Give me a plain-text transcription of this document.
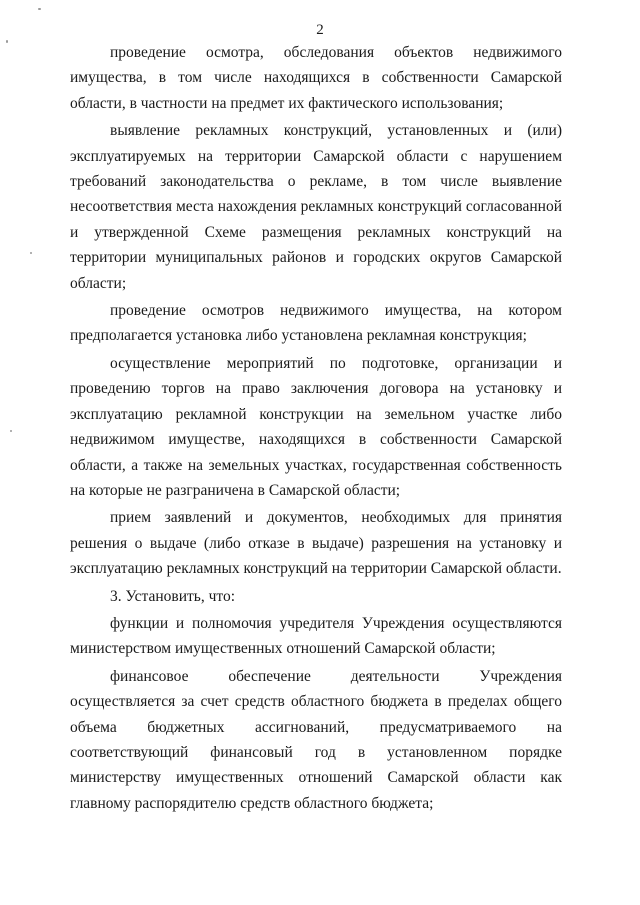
2

проведение осмотра, обследования объектов недвижимого имущества, в том числе находящихся в собственности Самарской области, в частности на предмет их фактического использования;

выявление рекламных конструкций, установленных и (или) эксплуатируемых на территории Самарской области с нарушением требований законодательства о рекламе, в том числе выявление несоответствия места нахождения рекламных конструкций согласованной и утвержденной Схеме размещения рекламных конструкций на территории муниципальных районов и городских округов Самарской области;

проведение осмотров недвижимого имущества, на котором предполагается установка либо установлена рекламная конструкция;

осуществление мероприятий по подготовке, организации и проведению торгов на право заключения договора на установку и эксплуатацию рекламной конструкции на земельном участке либо недвижимом имуществе, находящихся в собственности Самарской области, а также на земельных участках, государственная собственность на которые не разграничена в Самарской области;

прием заявлений и документов, необходимых для принятия решения о выдаче (либо отказе в выдаче) разрешения на установку и эксплуатацию рекламных конструкций на территории Самарской области.

3. Установить, что:

функции и полномочия учредителя Учреждения осуществляются министерством имущественных отношений Самарской области;

финансовое обеспечение деятельности Учреждения осуществляется за счет средств областного бюджета в пределах общего объема бюджетных ассигнований, предусматриваемого на соответствующий финансовый год в установленном порядке министерству имущественных отношений Самарской области как главному распорядителю средств областного бюджета;
